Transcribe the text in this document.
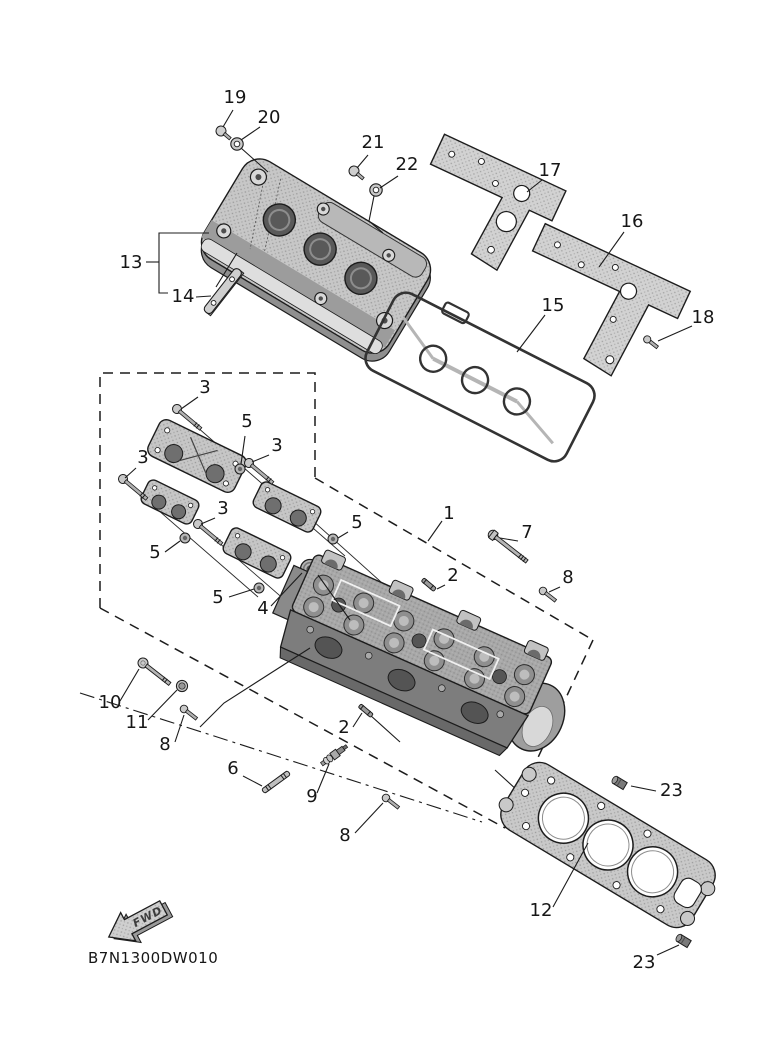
FWD
B7N1300DW010
1
2
2
3
3
3
3
4
5
5
5
5
6
7
8
8
8
9
10
11
12
13
14	15
16
17
18
19
20
21
22
23
23
